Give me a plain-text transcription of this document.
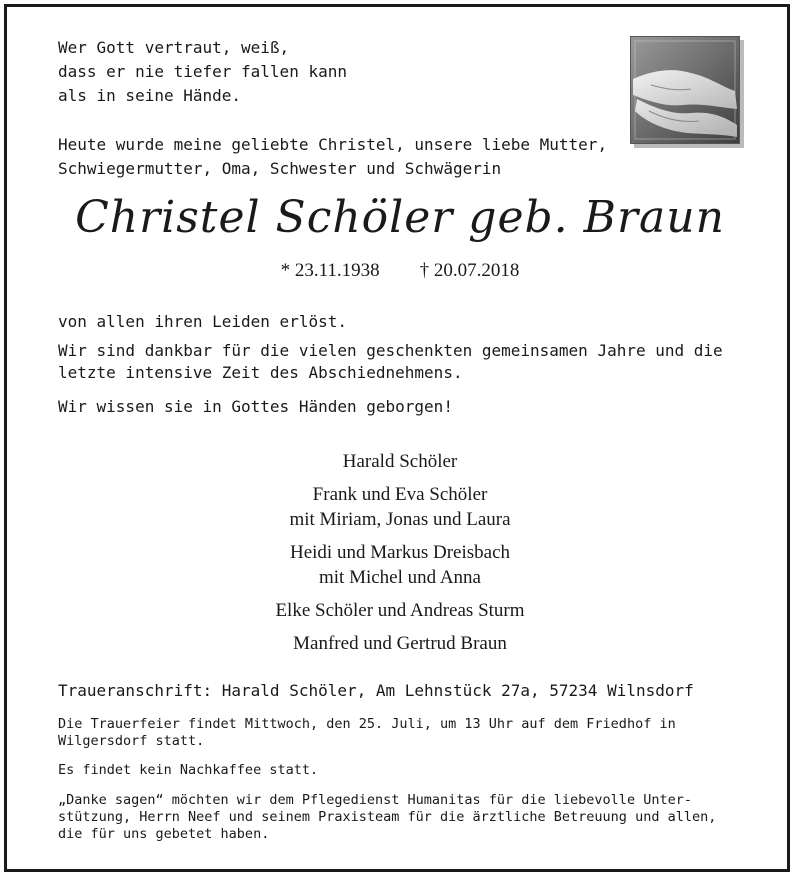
Wer Gott vertraut, weiß,
dass er nie tiefer fallen kann
als in seine Hände.
Heute wurde meine geliebte Christel, unsere liebe Mutter,
Schwiegermutter, Oma, Schwester und Schwägerin
Christel Schöler geb. Braun
* 23.11.1938 † 20.07.2018
von allen ihren Leiden erlöst.
Wir sind dankbar für die vielen geschenkten gemeinsamen Jahre und die
letzte intensive Zeit des Abschiednehmens.
Wir wissen sie in Gottes Händen geborgen!
Harald Schöler
Frank und Eva Schöler
mit Miriam, Jonas und Laura
Heidi und Markus Dreisbach
mit Michel und Anna
Elke Schöler und Andreas Sturm
Manfred und Gertrud Braun
Traueranschrift: Harald Schöler, Am Lehnstück 27a, 57234 Wilnsdorf
Die Trauerfeier findet Mittwoch, den 25. Juli, um 13 Uhr auf dem Friedhof in
Wilgersdorf statt.
Es findet kein Nachkaffee statt.
„Danke sagen“ möchten wir dem Pflegedienst Humanitas für die liebevolle Unter-
stützung, Herrn Neef und seinem Praxisteam für die ärztliche Betreuung und allen,
die für uns gebetet haben.
